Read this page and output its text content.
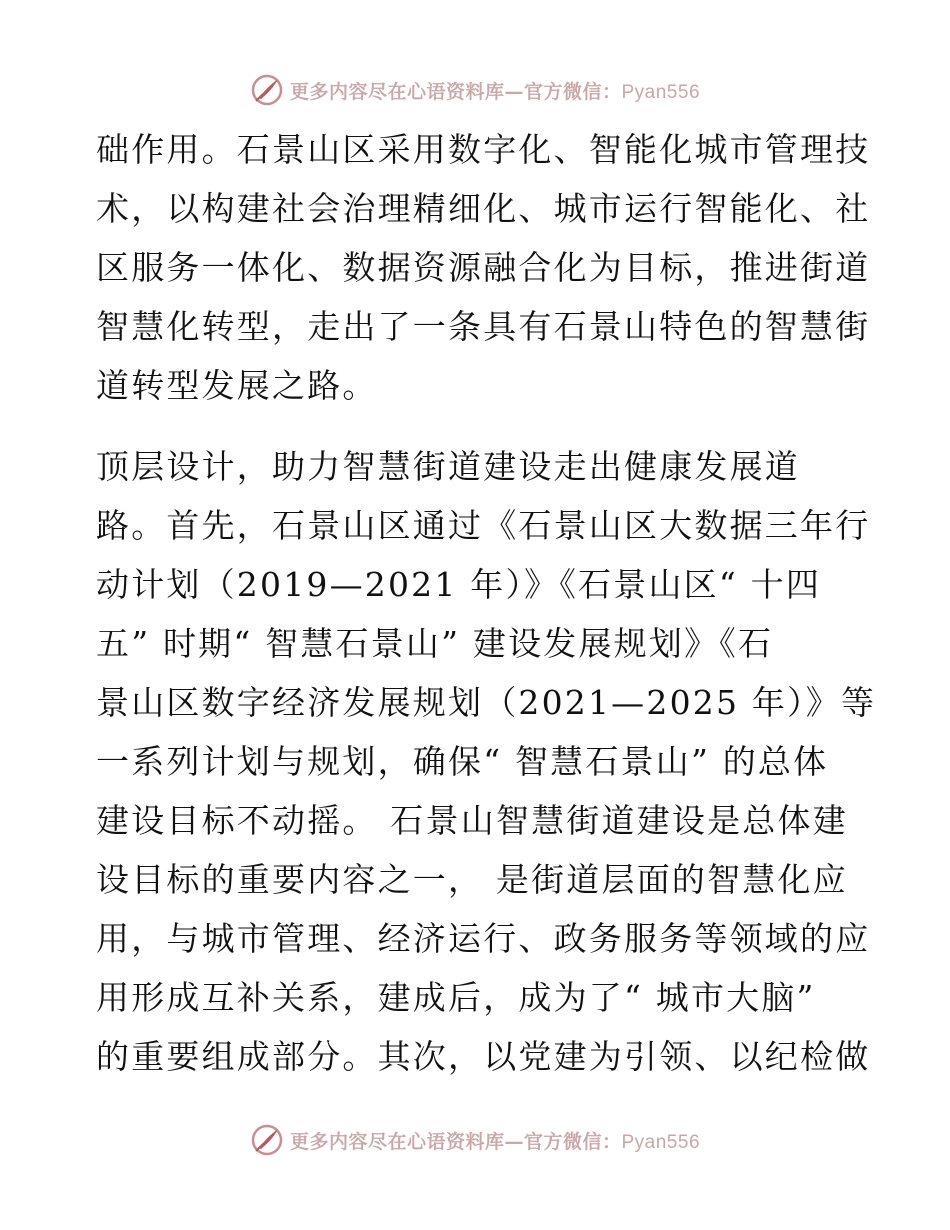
更多内容尽在心语资料库—官方微信：Pyan556
础作用。石景山区采用数字化、智能化城市管理技
术，以构建社会治理精细化、城市运行智能化、社
区服务一体化、数据资源融合化为目标，推进街道
智慧化转型，走出了一条具有石景山特色的智慧街
道转型发展之路。
顶层设计，助力智慧街道建设走出健康发展道
路。首先，石景山区通过《石景山区大数据三年行
动计划（2019—2021 年）》《石景山区“ 十四
五” 时期“ 智慧石景山” 建设发展规划》《石
景山区数字经济发展规划（2021—2025 年）》等
一系列计划与规划，确保“ 智慧石景山” 的总体
建设目标不动摇。 石景山智慧街道建设是总体建
设目标的重要内容之一， 是街道层面的智慧化应
用，与城市管理、经济运行、政务服务等领域的应
用形成互补关系，建成后，成为了“ 城市大脑”
的重要组成部分。其次，以党建为引领、以纪检做
更多内容尽在心语资料库—官方微信：Pyan556
